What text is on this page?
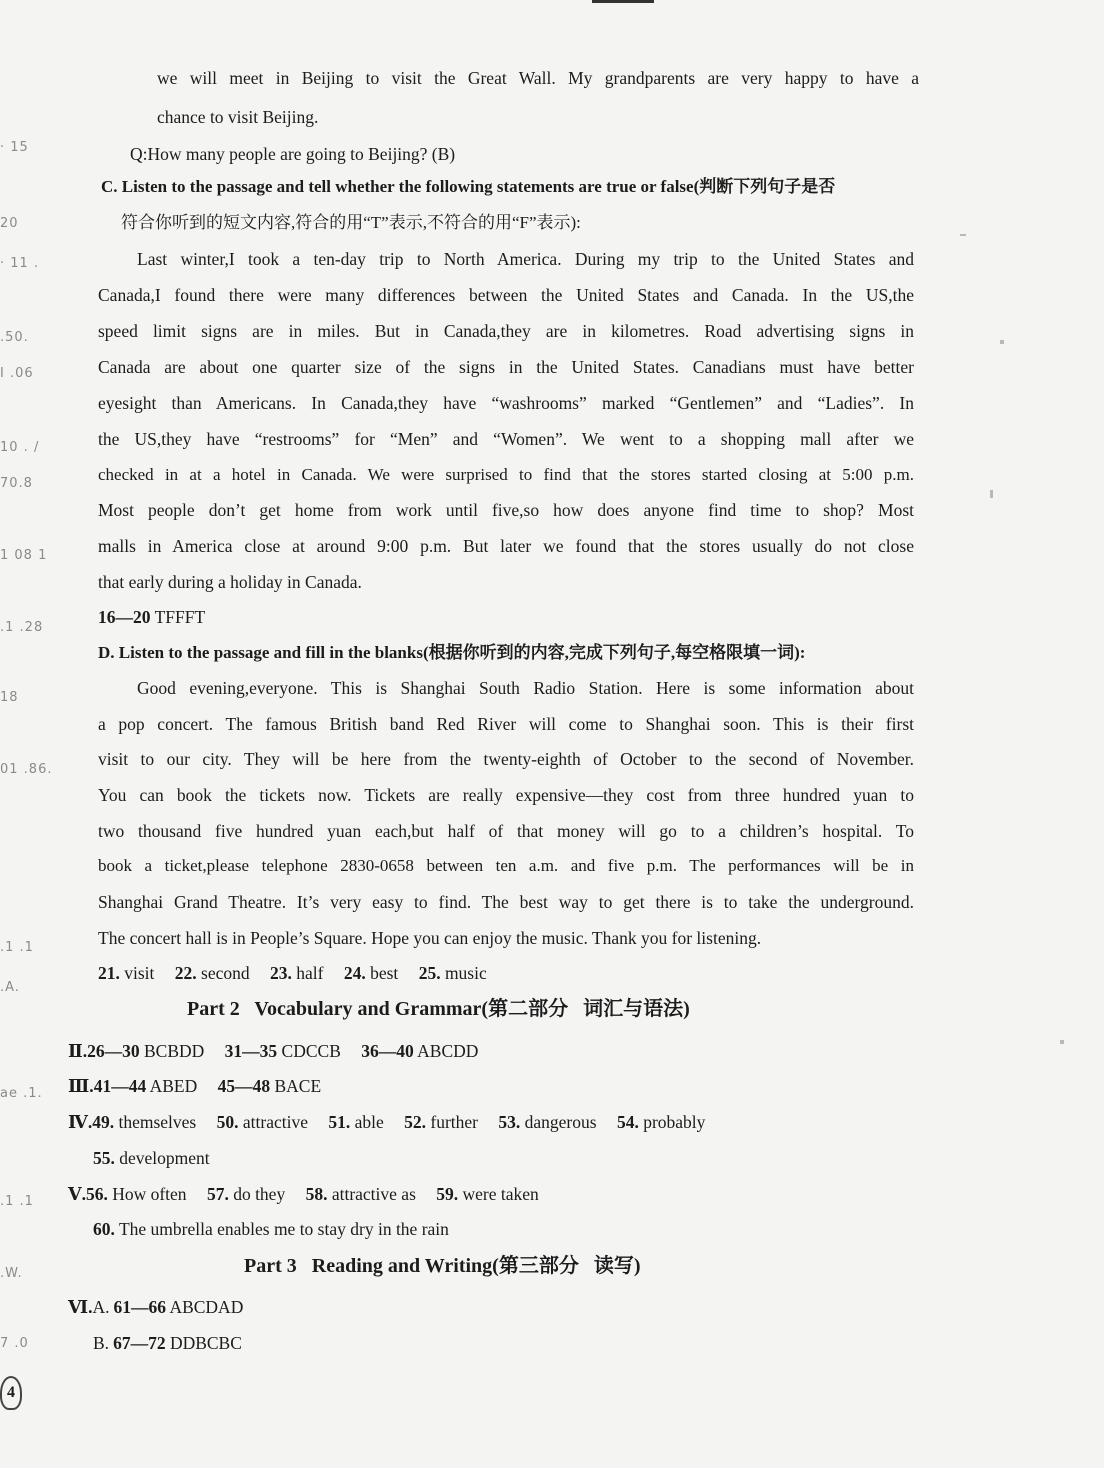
· 15
20
· 11 .
.50.
I .06
10 . /
70.8
1 08 1
.1 .28
18
01 .86.
.1 .1
.A.
ae .1.
.1 .1
.W.
7 .0
we will meet in Beijing to visit the Great Wall. My grandparents are very happy to have a
chance to visit Beijing.
Q:How many people are going to Beijing? (B)
C. Listen to the passage and tell whether the following statements are true or false(判断下列句子是否
符合你听到的短文内容,符合的用“T”表示,不符合的用“F”表示):
Last winter,I took a ten-day trip to North America. During my trip to the United States and
Canada,I found there were many differences between the United States and Canada. In the US,the
speed limit signs are in miles. But in Canada,they are in kilometres. Road advertising signs in
Canada are about one quarter size of the signs in the United States. Canadians must have better
eyesight than Americans. In Canada,they have “washrooms” marked “Gentlemen” and “Ladies”. In
the US,they have “restrooms” for “Men” and “Women”. We went to a shopping mall after we
checked in at a hotel in Canada. We were surprised to find that the stores started closing at 5:00 p.m.
Most people don’t get home from work until five,so how does anyone find time to shop? Most
malls in America close at around 9:00 p.m. But later we found that the stores usually do not close
that early during a holiday in Canada.
16—20 TFFFT
D. Listen to the passage and fill in the blanks(根据你听到的内容,完成下列句子,每空格限填一词):
Good evening,everyone. This is Shanghai South Radio Station. Here is some information about
a pop concert. The famous British band Red River will come to Shanghai soon. This is their first
visit to our city. They will be here from the twenty-eighth of October to the second of November.
You can book the tickets now. Tickets are really expensive—they cost from three hundred yuan to
two thousand five hundred yuan each,but half of that money will go to a children’s hospital. To
book a ticket,please telephone 2830-0658 between ten a.m. and five p.m. The performances will be in
Shanghai Grand Theatre. It’s very easy to find. The best way to get there is to take the underground.
The concert hall is in People’s Square. Hope you can enjoy the music. Thank you for listening.
21. visit 22. second 23. half 24. best 25. music
Part 2   Vocabulary and Grammar(第二部分   词汇与语法)
Ⅱ.26—30 BCBDD 31—35 CDCCB 36—40 ABCDD
Ⅲ.41—44 ABED 45—48 BACE
Ⅳ.49. themselves 50. attractive 51. able 52. further 53. dangerous 54. probably
55. development
Ⅴ.56. How often 57. do they 58. attractive as 59. were taken
60. The umbrella enables me to stay dry in the rain
Part 3   Reading and Writing(第三部分   读写)
Ⅵ.A. 61—66 ABCDAD
B. 67—72 DDBCBC
4
